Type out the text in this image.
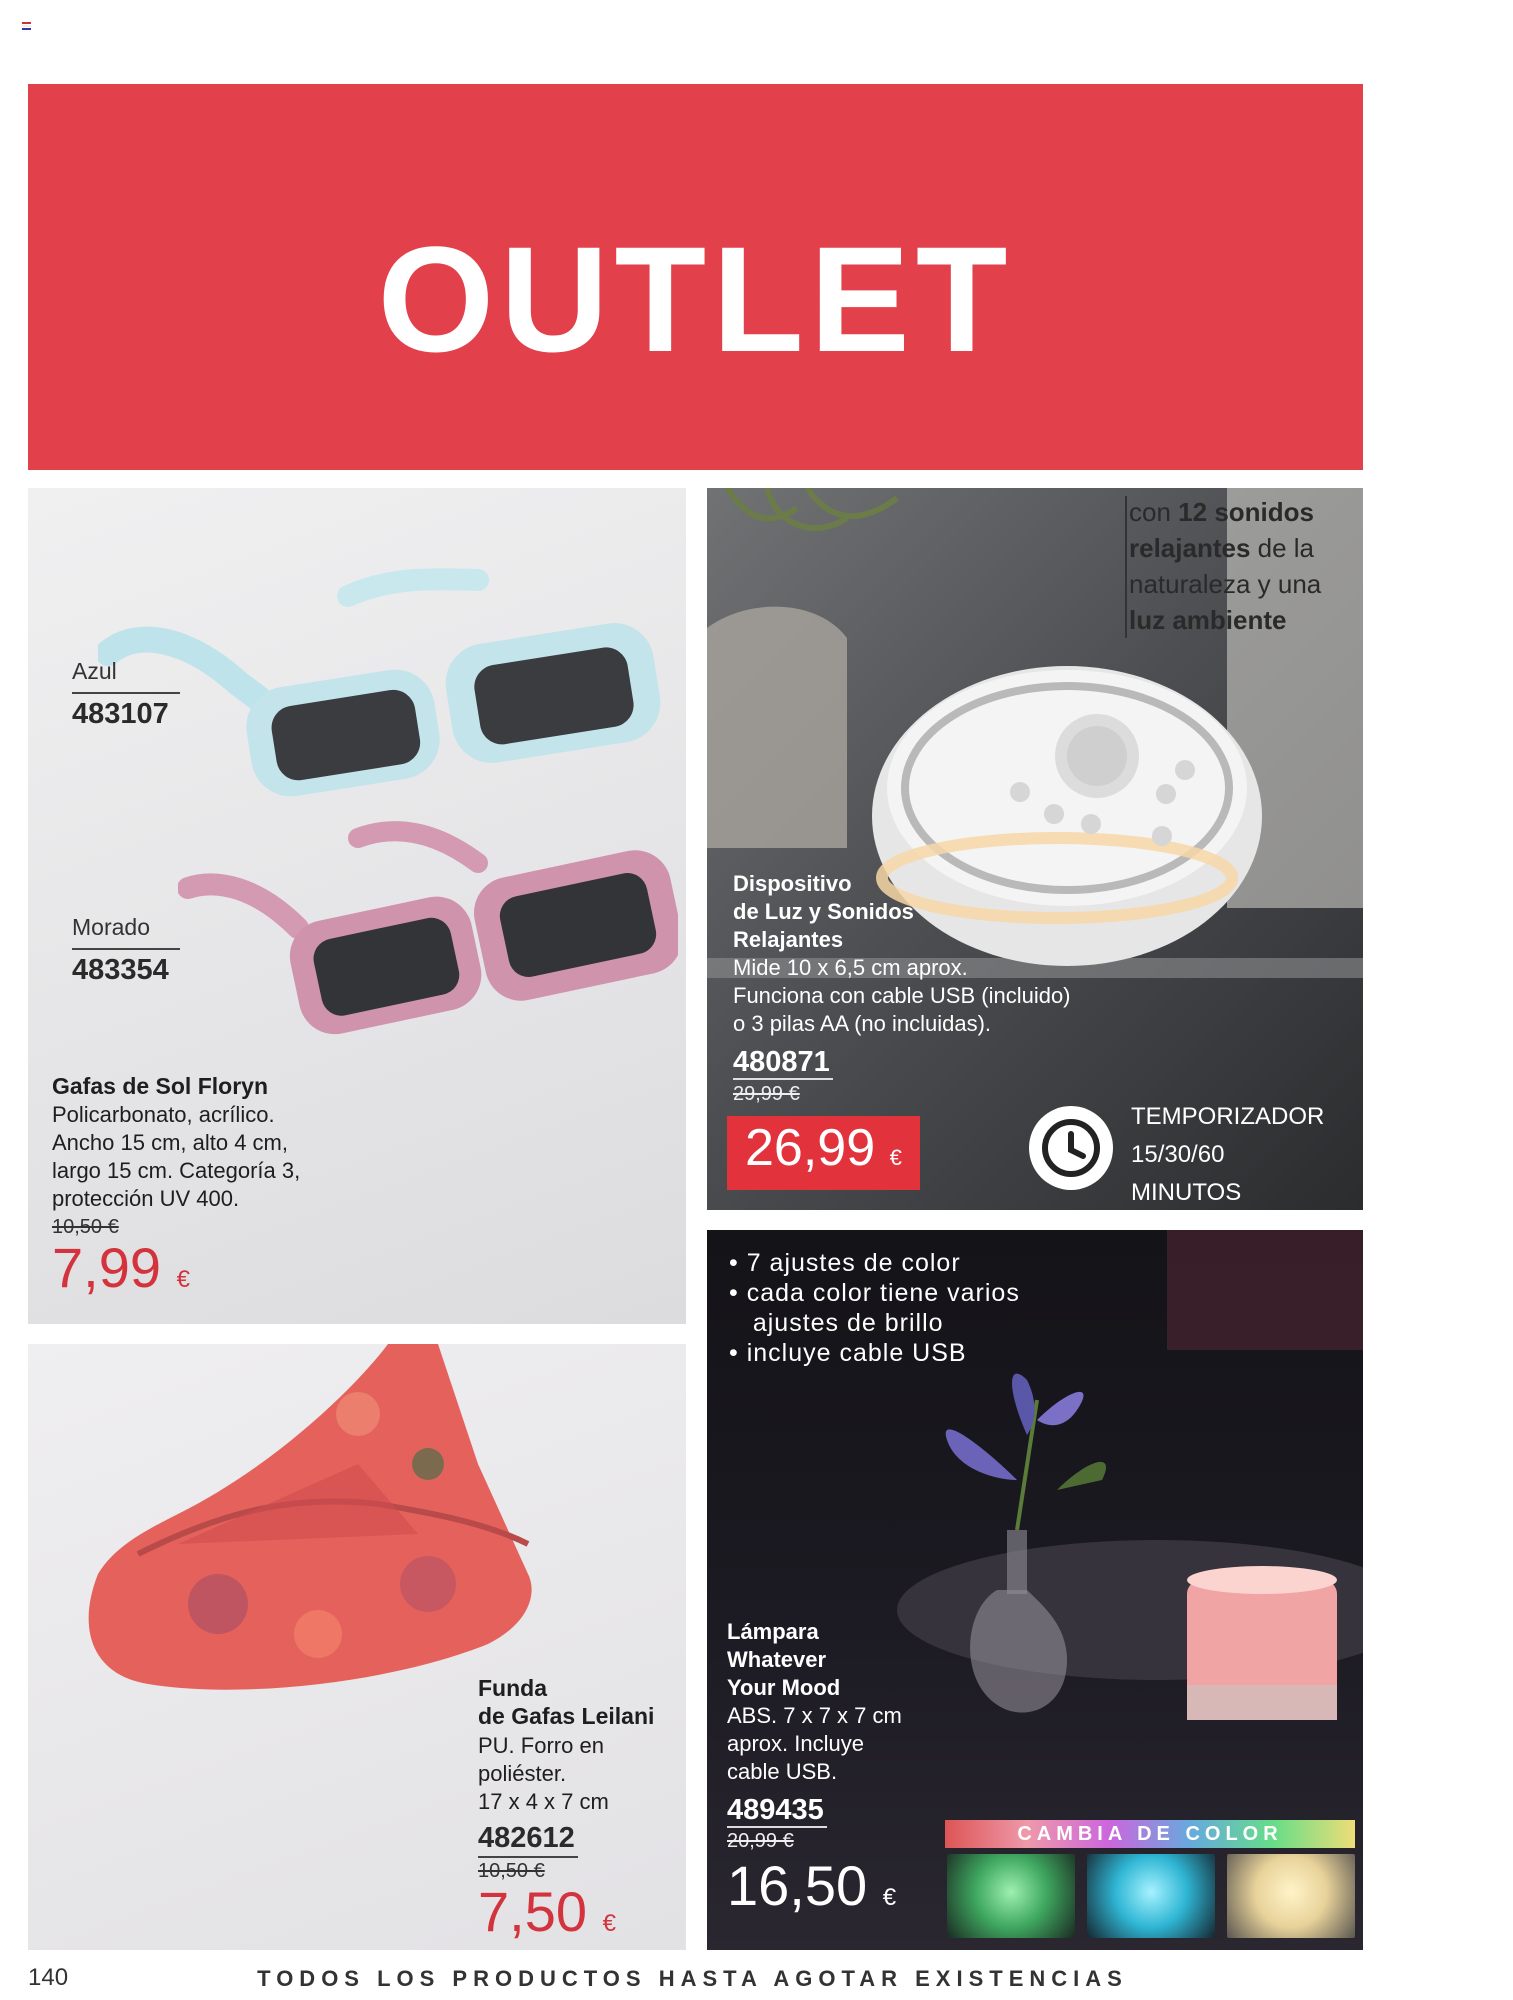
OUTLET
Azul
483107
Morado
483354
Gafas de Sol Floryn
Policarbonato, acrílico.
Ancho 15 cm, alto 4 cm,
largo 15 cm. Categoría 3,
protección UV 400.
10,50 €
7,99 €
con 12 sonidos
relajantes de la
naturaleza y una
luz ambiente
Dispositivo
de Luz y Sonidos
Relajantes
Mide 10 x 6,5 cm aprox.
Funciona con cable USB (incluido)
o 3 pilas AA (no incluidas).
480871
29,99 €
26,99 €
TEMPORIZADOR
15/30/60
MINUTOS
Funda
de Gafas Leilani
PU. Forro en
poliéster.
17 x 4 x 7 cm
482612
10,50 €
7,50 €
• 7 ajustes de color
• cada color tiene varios
ajustes de brillo
• incluye cable USB
Lámpara
Whatever
Your Mood
ABS. 7 x 7 x 7 cm
aprox. Incluye
cable USB.
489435
20,99 €
16,50 €
CAMBIA DE COLOR
140	TODOS LOS PRODUCTOS HASTA AGOTAR EXISTENCIAS
